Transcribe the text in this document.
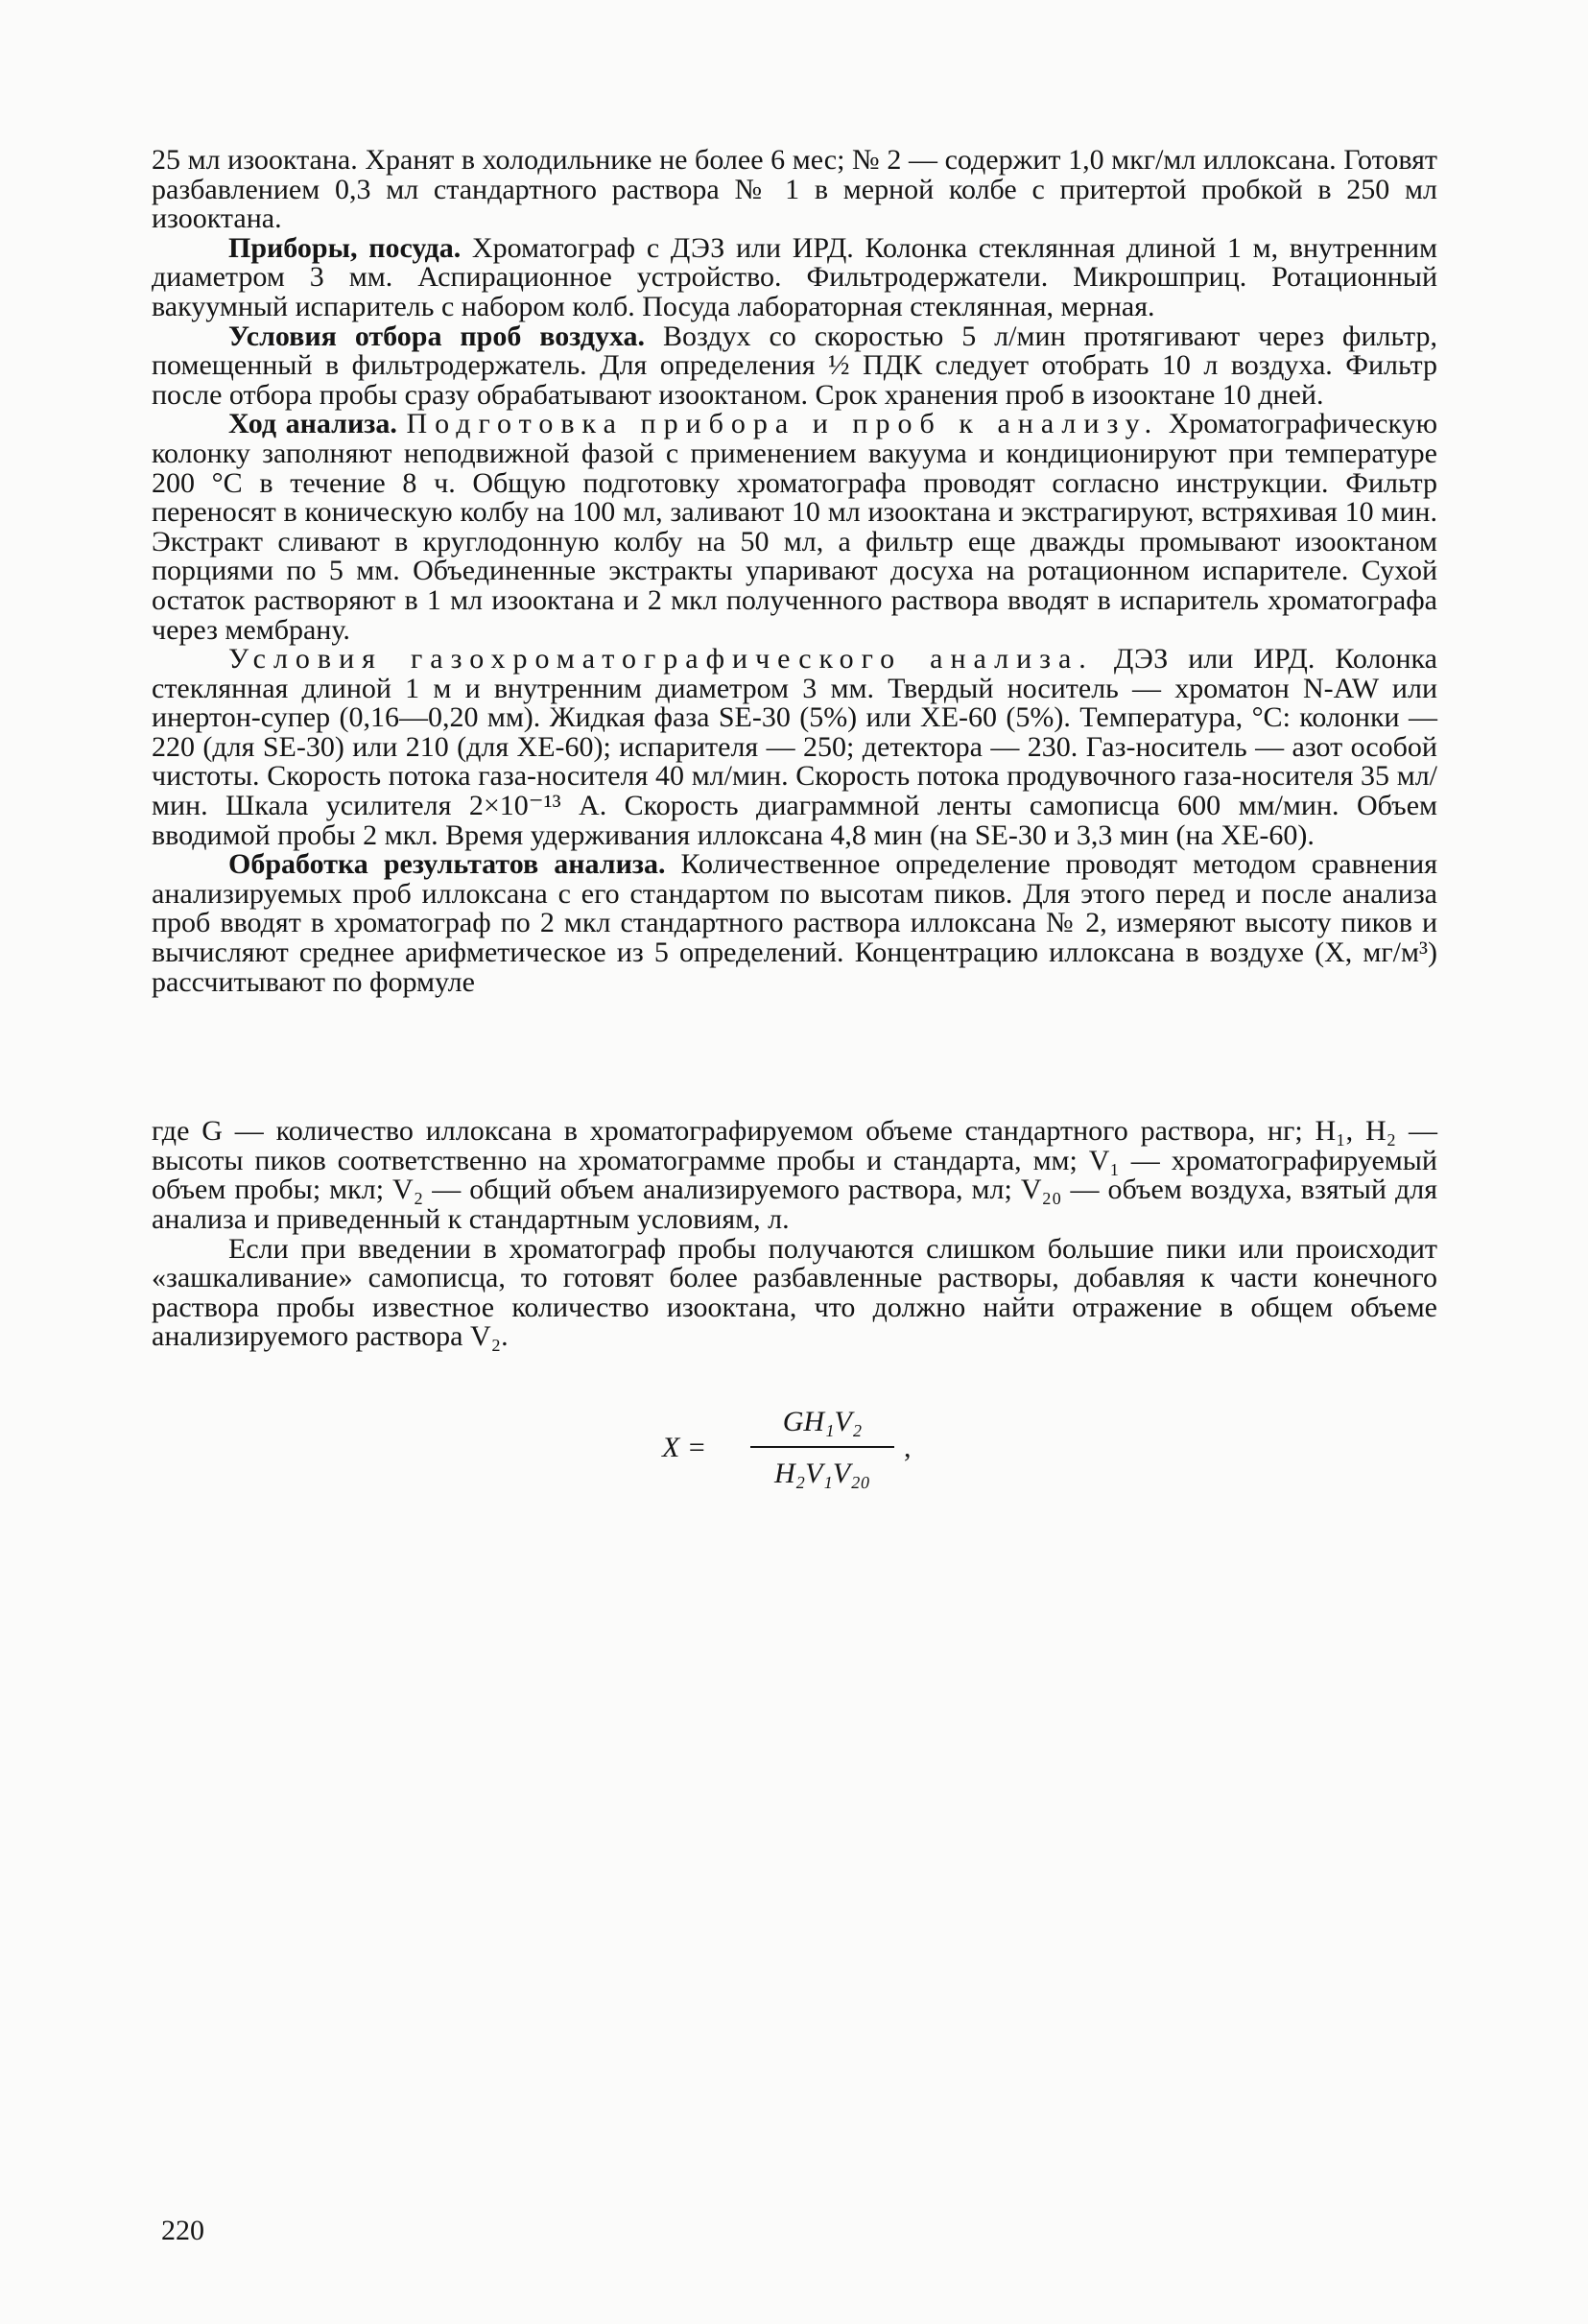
25 мл изооктана. Хранят в холодильнике не более 6 мес; № 2 — содержит 1,0 мкг/мл иллоксана. Готовят разбавлением 0,3 мл стандартного раствора № 1 в мерной колбе с притертой пробкой в 250 мл изооктана.

Приборы, посуда. Хроматограф с ДЭЗ или ИРД. Колонка стеклянная длиной 1 м, внутренним диаметром 3 мм. Аспирационное устройство. Фильтродержатели. Микрошприц. Ротационный вакуумный испаритель с набором колб. Посуда лабораторная стеклянная, мерная.

Условия отбора проб воздуха. Воздух со скоростью 5 л/мин протягивают через фильтр, помещенный в фильтродержатель. Для определения ½ ПДК следует отобрать 10 л воздуха. Фильтр после отбора пробы сразу обрабатывают изооктаном. Срок хранения проб в изооктане 10 дней.

Ход анализа. Подготовка прибора и проб к анализу. Хроматографическую колонку заполняют неподвижной фазой с применением вакуума и кондиционируют при температуре 200 °C в течение 8 ч. Общую подготовку хроматографа проводят согласно инструкции. Фильтр переносят в коническую колбу на 100 мл, заливают 10 мл изооктана и экстрагируют, встряхивая 10 мин. Экстракт сливают в круглодонную колбу на 50 мл, а фильтр еще дважды промывают изооктаном порциями по 5 мм. Объединенные экстракты упаривают досуха на ротационном испарителе. Сухой остаток растворяют в 1 мл изооктана и 2 мкл полученного раствора вводят в испаритель хроматографа через мембрану.

Условия газохроматографического анализа. ДЭЗ или ИРД. Колонка стеклянная длиной 1 м и внутренним диаметром 3 мм. Твердый носитель — хроматон N-AW или инертон-супер (0,16—0,20 мм). Жидкая фаза SE-30 (5%) или XE-60 (5%). Температура, °C: колонки — 220 (для SE-30) или 210 (для XE-60); испарителя — 250; детектора — 230. Газ-носитель — азот особой чистоты. Скорость потока газа-носителя 40 мл/мин. Скорость потока продувочного газа-носителя 35 мл/мин. Шкала усилителя 2×10⁻¹³ А. Скорость диаграммной ленты самописца 600 мм/мин. Объем вводимой пробы 2 мкл. Время удерживания иллоксана 4,8 мин (на SE-30 и 3,3 мин (на XE-60).

Обработка результатов анализа. Количественное определение проводят методом сравнения анализируемых проб иллоксана с его стандартом по высотам пиков. Для этого перед и после анализа проб вводят в хроматограф по 2 мкл стандартного раствора иллоксана № 2, измеряют высоту пиков и вычисляют среднее арифметическое из 5 определений. Концентрацию иллоксана в воздухе (X, мг/м³) рассчитывают по формуле

где G — количество иллоксана в хроматографируемом объеме стандартного раствора, нг; H₁, H₂ — высоты пиков соответственно на хроматограмме пробы и стандарта, мм; V₁ — хроматографируемый объем пробы; мкл; V₂ — общий объем анализируемого раствора, мл; V₂₀ — объем воздуха, взятый для анализа и приведенный к стандартным условиям, л.

Если при введении в хроматограф пробы получаются слишком большие пики или происходит «зашкаливание» самописца, то готовят более разбавленные растворы, добавляя к части конечного раствора пробы известное количество изооктана, что должно найти отражение в общем объеме анализируемого раствора V₂.

X =
GH₁V₂
H₂V₁V₂₀
,
220
